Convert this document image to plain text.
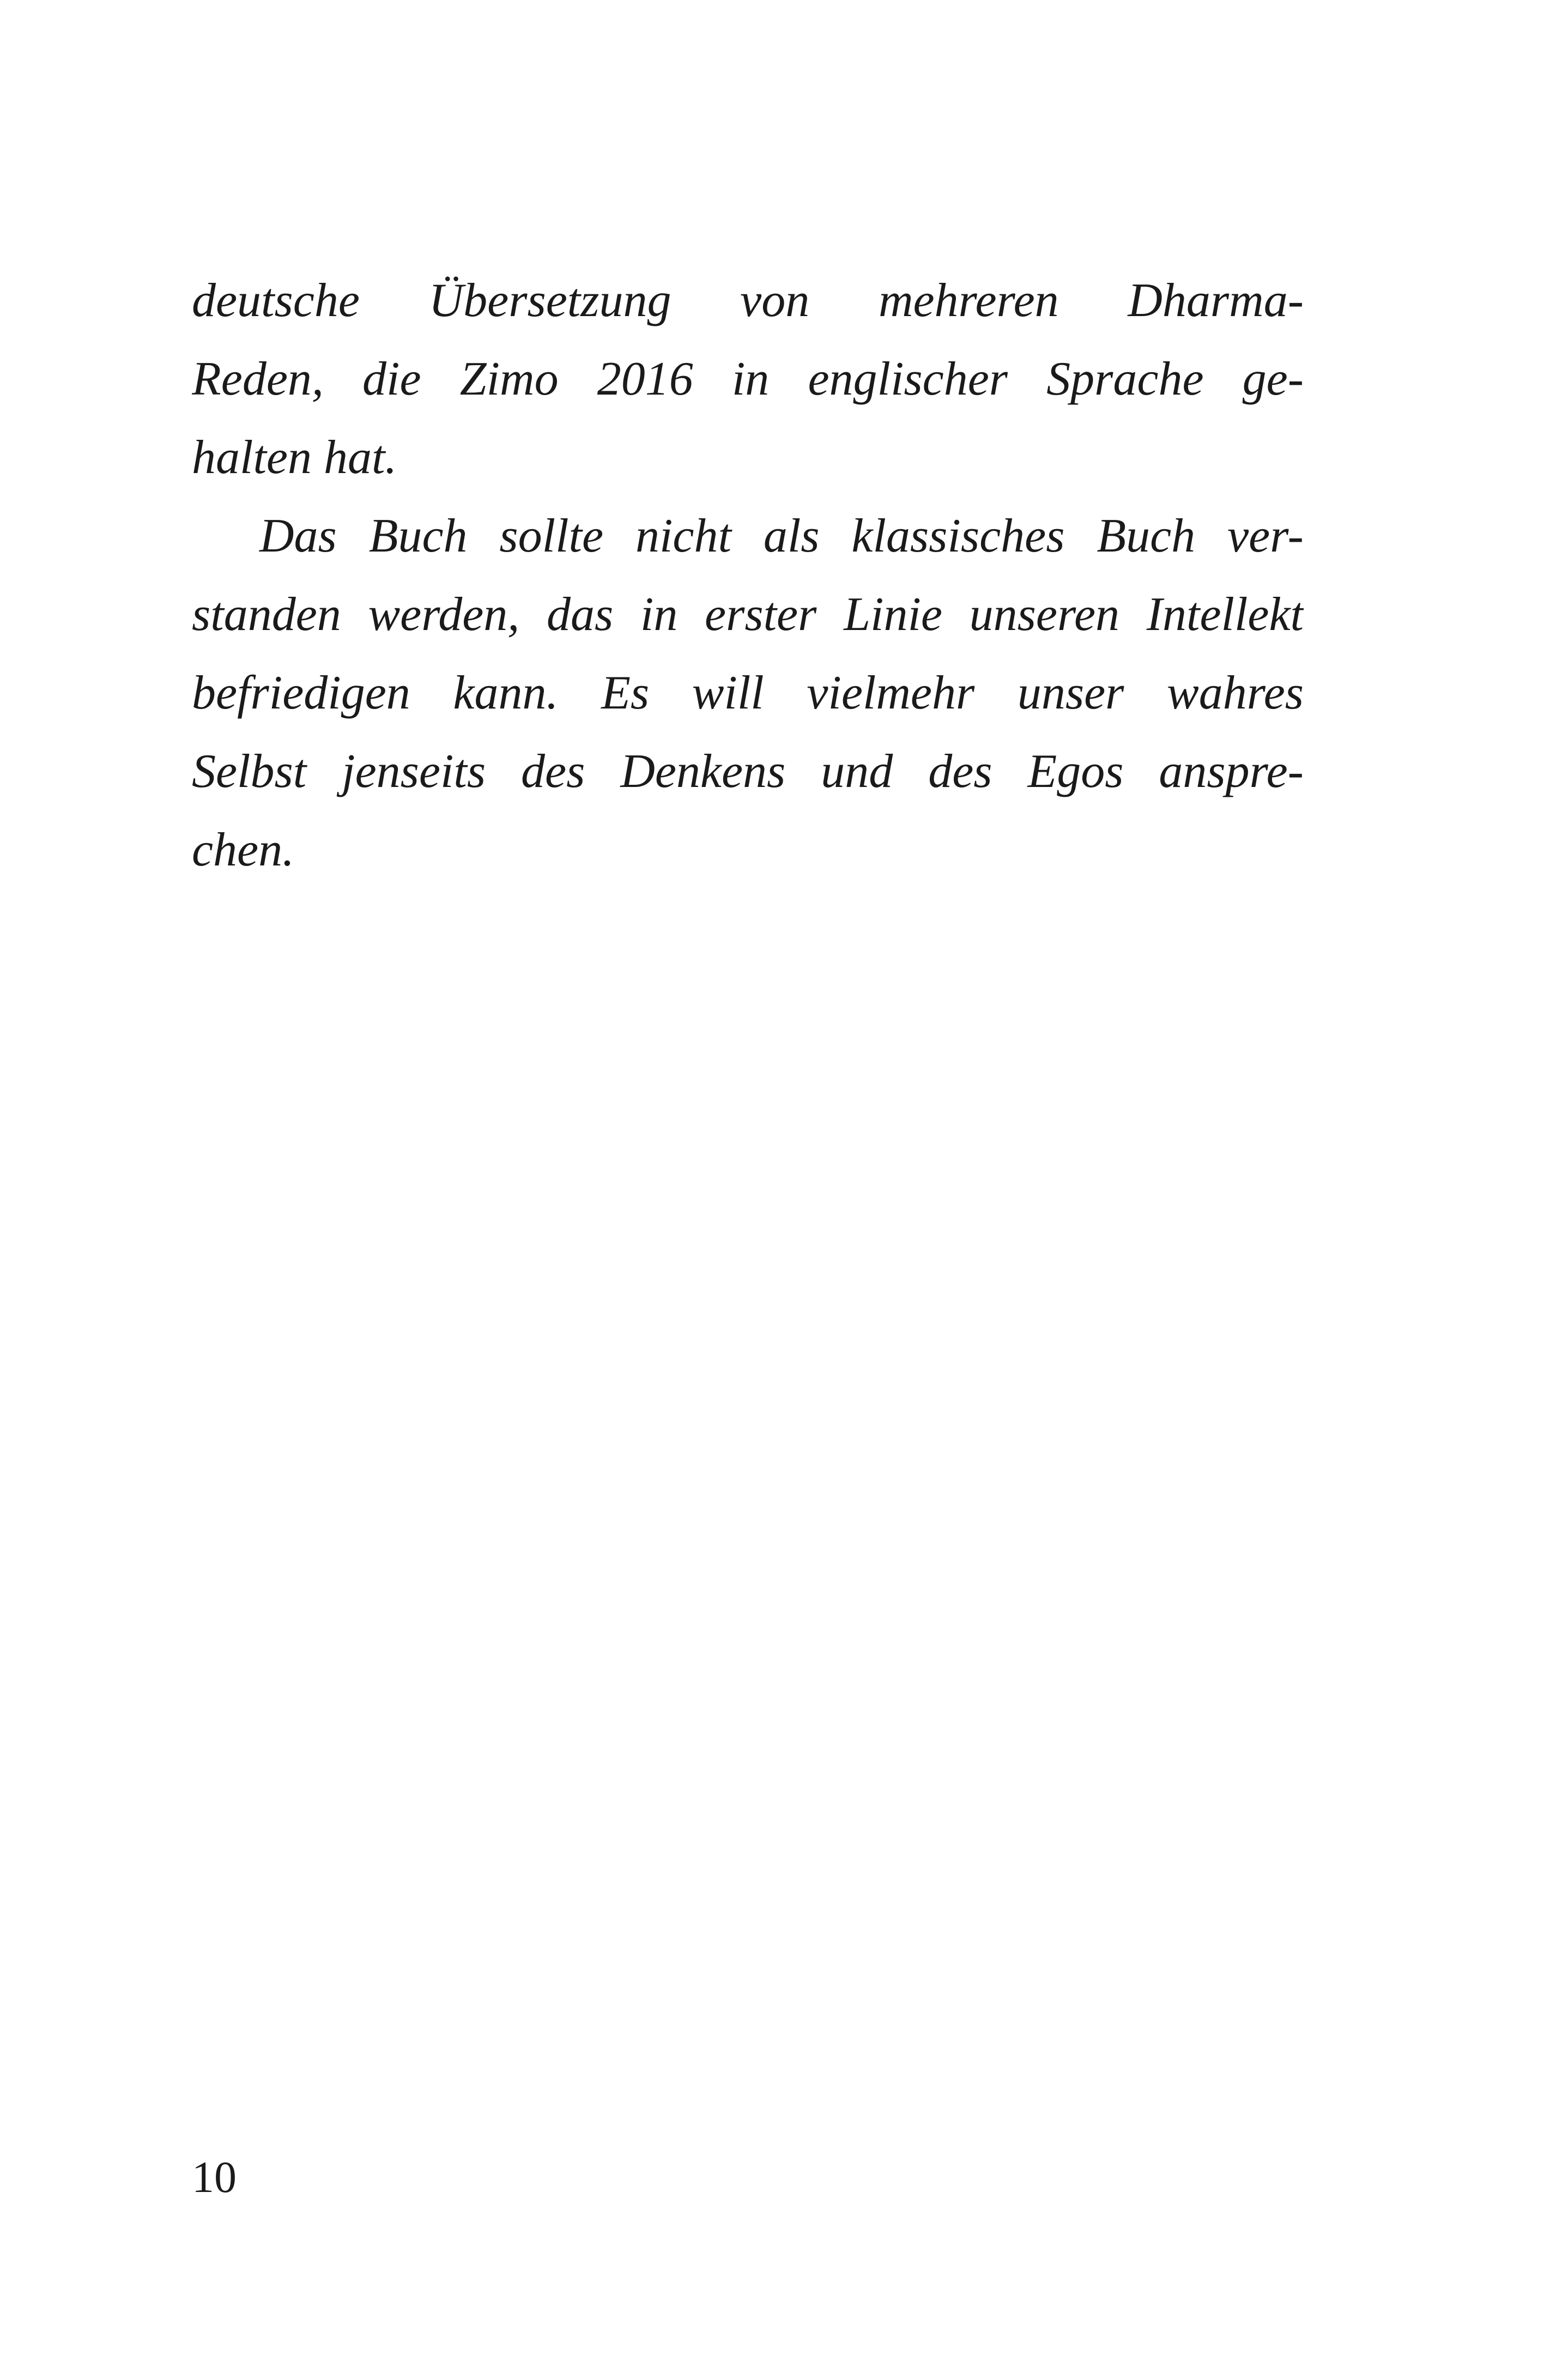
deutsche Übersetzung von mehreren Dharma-
Reden, die Zimo 2016 in englischer Sprache ge-
halten hat.
Das Buch sollte nicht als klassisches Buch ver-
standen werden, das in erster Linie unseren Intellekt
befriedigen kann. Es will vielmehr unser wahres
Selbst jenseits des Denkens und des Egos anspre-
chen.
10
